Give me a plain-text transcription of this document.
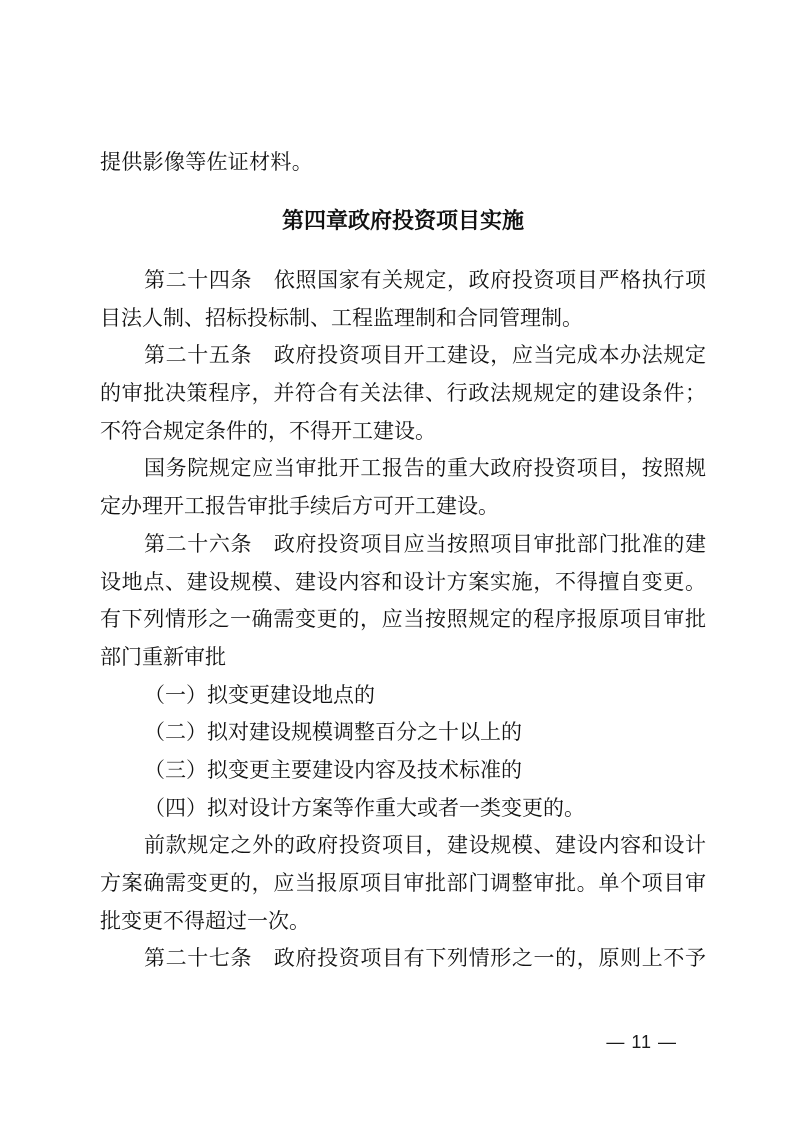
提供影像等佐证材料。
第四章政府投资项目实施
第二十四条　依照国家有关规定，政府投资项目严格执行项
目法人制、招标投标制、工程监理制和合同管理制。
第二十五条　政府投资项目开工建设，应当完成本办法规定
的审批决策程序，并符合有关法律、行政法规规定的建设条件；
不符合规定条件的，不得开工建设。
国务院规定应当审批开工报告的重大政府投资项目，按照规
定办理开工报告审批手续后方可开工建设。
第二十六条　政府投资项目应当按照项目审批部门批准的建
设地点、建设规模、建设内容和设计方案实施，不得擅自变更。
有下列情形之一确需变更的，应当按照规定的程序报原项目审批
部门重新审批
（一）拟变更建设地点的
（二）拟对建设规模调整百分之十以上的
（三）拟变更主要建设内容及技术标准的
（四）拟对设计方案等作重大或者一类变更的。
前款规定之外的政府投资项目，建设规模、建设内容和设计
方案确需变更的，应当报原项目审批部门调整审批。单个项目审
批变更不得超过一次。
第二十七条　政府投资项目有下列情形之一的，原则上不予
— 11 —
